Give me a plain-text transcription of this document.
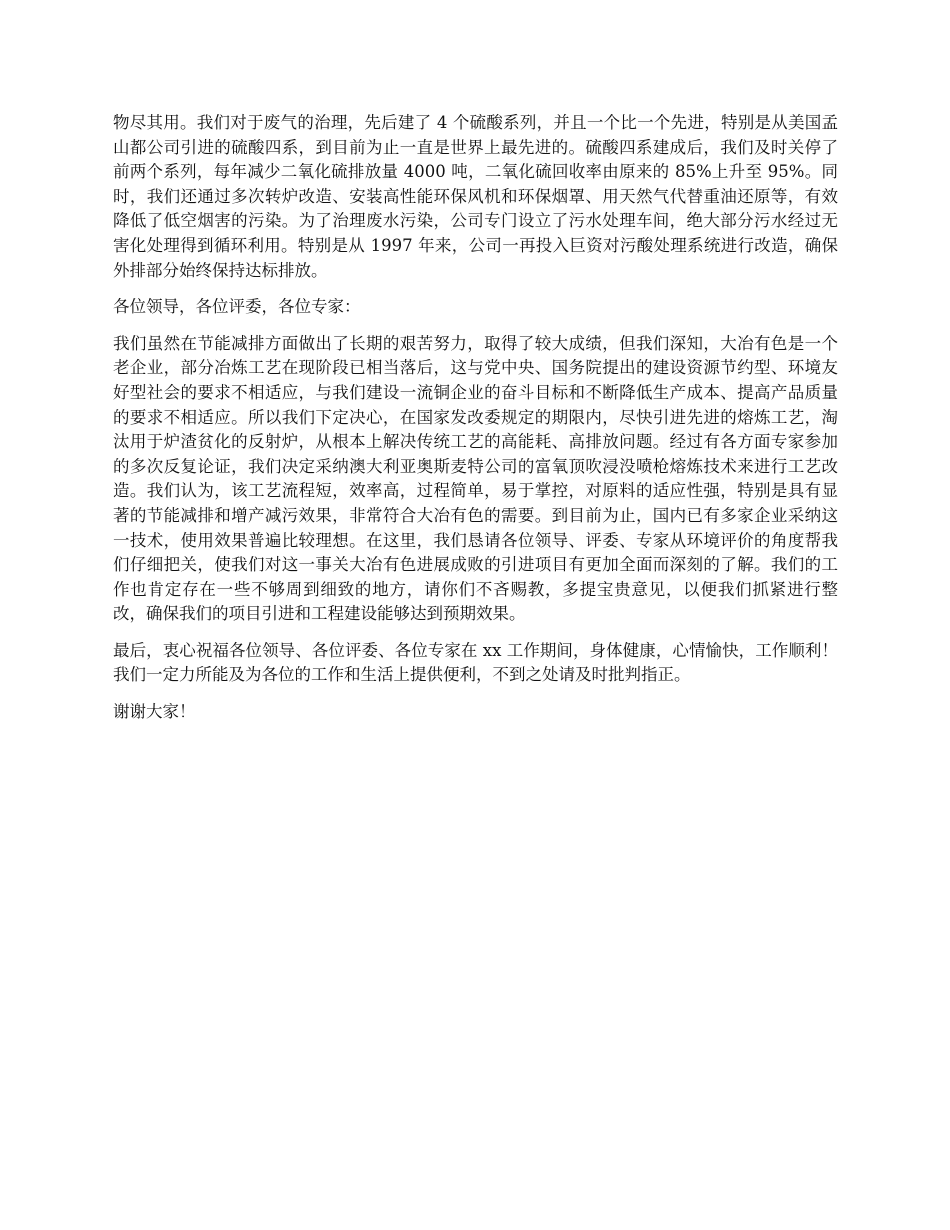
物尽其用。我们对于废气的治理，先后建了 4 个硫酸系列，并且一个比一个先进，特别是从美国孟山都公司引进的硫酸四系，到目前为止一直是世界上最先进的。硫酸四系建成后，我们及时关停了前两个系列，每年减少二氧化硫排放量 4000 吨，二氧化硫回收率由原来的 85%上升至 95%。同时，我们还通过多次转炉改造、安装高性能环保风机和环保烟罩、用天然气代替重油还原等，有效降低了低空烟害的污染。为了治理废水污染，公司专门设立了污水处理车间，绝大部分污水经过无害化处理得到循环利用。特别是从 1997 年来，公司一再投入巨资对污酸处理系统进行改造，确保外排部分始终保持达标排放。

各位领导，各位评委，各位专家：

我们虽然在节能减排方面做出了长期的艰苦努力，取得了较大成绩，但我们深知，大冶有色是一个老企业，部分冶炼工艺在现阶段已相当落后，这与党中央、国务院提出的建设资源节约型、环境友好型社会的要求不相适应，与我们建设一流铜企业的奋斗目标和不断降低生产成本、提高产品质量的要求不相适应。所以我们下定决心，在国家发改委规定的期限内，尽快引进先进的熔炼工艺，淘汰用于炉渣贫化的反射炉，从根本上解决传统工艺的高能耗、高排放问题。经过有各方面专家参加的多次反复论证，我们决定采纳澳大利亚奥斯麦特公司的富氧顶吹浸没喷枪熔炼技术来进行工艺改造。我们认为，该工艺流程短，效率高，过程简单，易于掌控，对原料的适应性强，特别是具有显著的节能减排和增产减污效果，非常符合大冶有色的需要。到目前为止，国内已有多家企业采纳这一技术，使用效果普遍比较理想。在这里，我们恳请各位领导、评委、专家从环境评价的角度帮我们仔细把关，使我们对这一事关大冶有色进展成败的引进项目有更加全面而深刻的了解。我们的工作也肯定存在一些不够周到细致的地方，请你们不吝赐教，多提宝贵意见，以便我们抓紧进行整改，确保我们的项目引进和工程建设能够达到预期效果。

最后，衷心祝福各位领导、各位评委、各位专家在 xx 工作期间，身体健康，心情愉快，工作顺利！我们一定力所能及为各位的工作和生活上提供便利，不到之处请及时批判指正。

谢谢大家！
